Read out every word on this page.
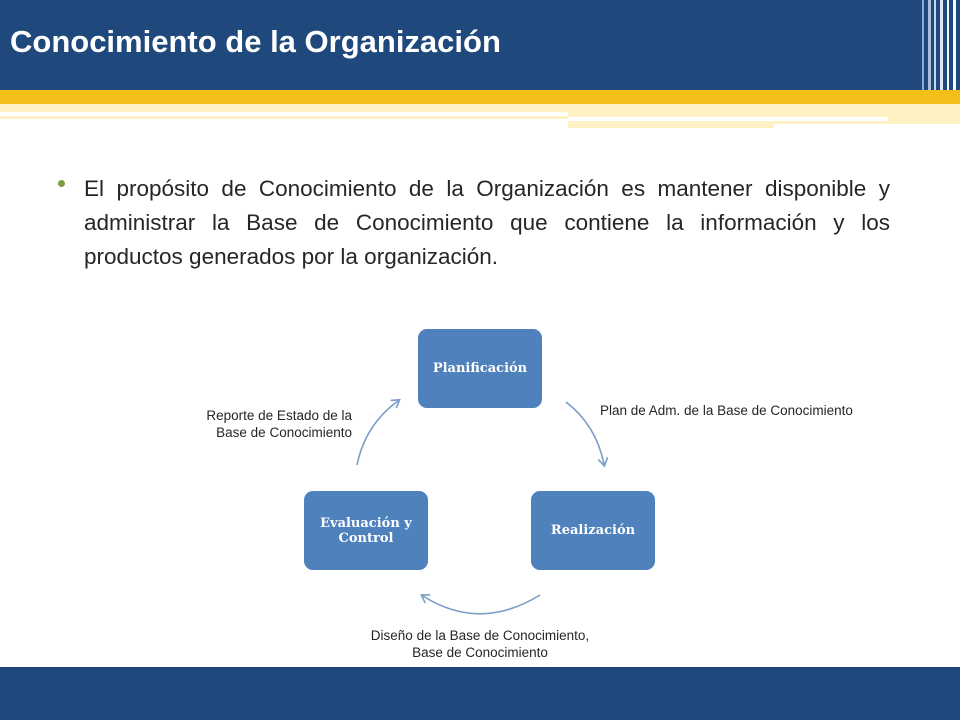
Conocimiento de la Organización
El propósito de Conocimiento de la Organización es mantener disponible y administrar la Base de Conocimiento que contiene la información y los productos generados por la organización.
Planificación
Realización
Evaluación y Control
Plan de Adm. de la Base de Conocimiento
Reporte de Estado de la
Base de Conocimiento
Diseño de la Base de Conocimiento,
Base de Conocimiento
